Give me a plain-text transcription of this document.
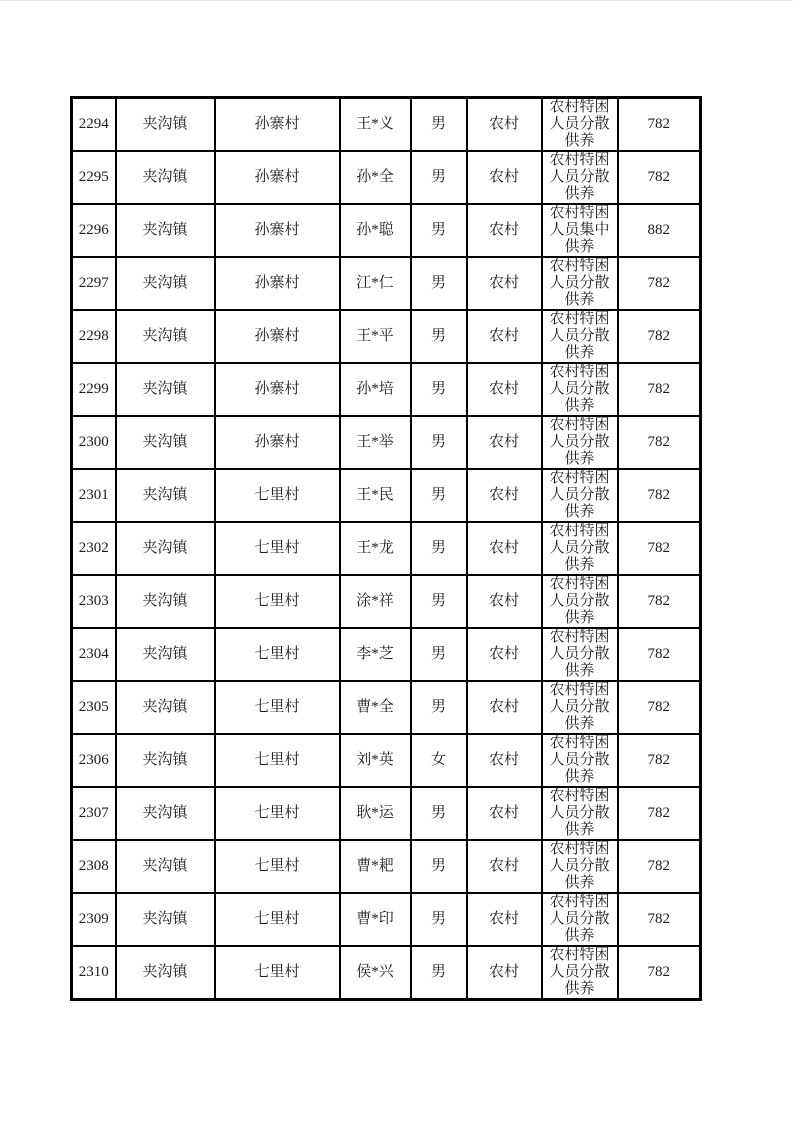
2294	夹沟镇	孙寨村	王*义	男	农村	农村特困人员分散供养	782
2295	夹沟镇	孙寨村	孙*全	男	农村	农村特困人员分散供养	782
2296	夹沟镇	孙寨村	孙*聪	男	农村	农村特困人员集中供养	882
2297	夹沟镇	孙寨村	江*仁	男	农村	农村特困人员分散供养	782
2298	夹沟镇	孙寨村	王*平	男	农村	农村特困人员分散供养	782
2299	夹沟镇	孙寨村	孙*培	男	农村	农村特困人员分散供养	782
2300	夹沟镇	孙寨村	王*举	男	农村	农村特困人员分散供养	782
2301	夹沟镇	七里村	王*民	男	农村	农村特困人员分散供养	782
2302	夹沟镇	七里村	王*龙	男	农村	农村特困人员分散供养	782
2303	夹沟镇	七里村	涂*祥	男	农村	农村特困人员分散供养	782
2304	夹沟镇	七里村	李*芝	男	农村	农村特困人员分散供养	782
2305	夹沟镇	七里村	曹*全	男	农村	农村特困人员分散供养	782
2306	夹沟镇	七里村	刘*英	女	农村	农村特困人员分散供养	782
2307	夹沟镇	七里村	耿*运	男	农村	农村特困人员分散供养	782
2308	夹沟镇	七里村	曹*耙	男	农村	农村特困人员分散供养	782
2309	夹沟镇	七里村	曹*印	男	农村	农村特困人员分散供养	782
2310	夹沟镇	七里村	侯*兴	男	农村	农村特困人员分散供养	782
